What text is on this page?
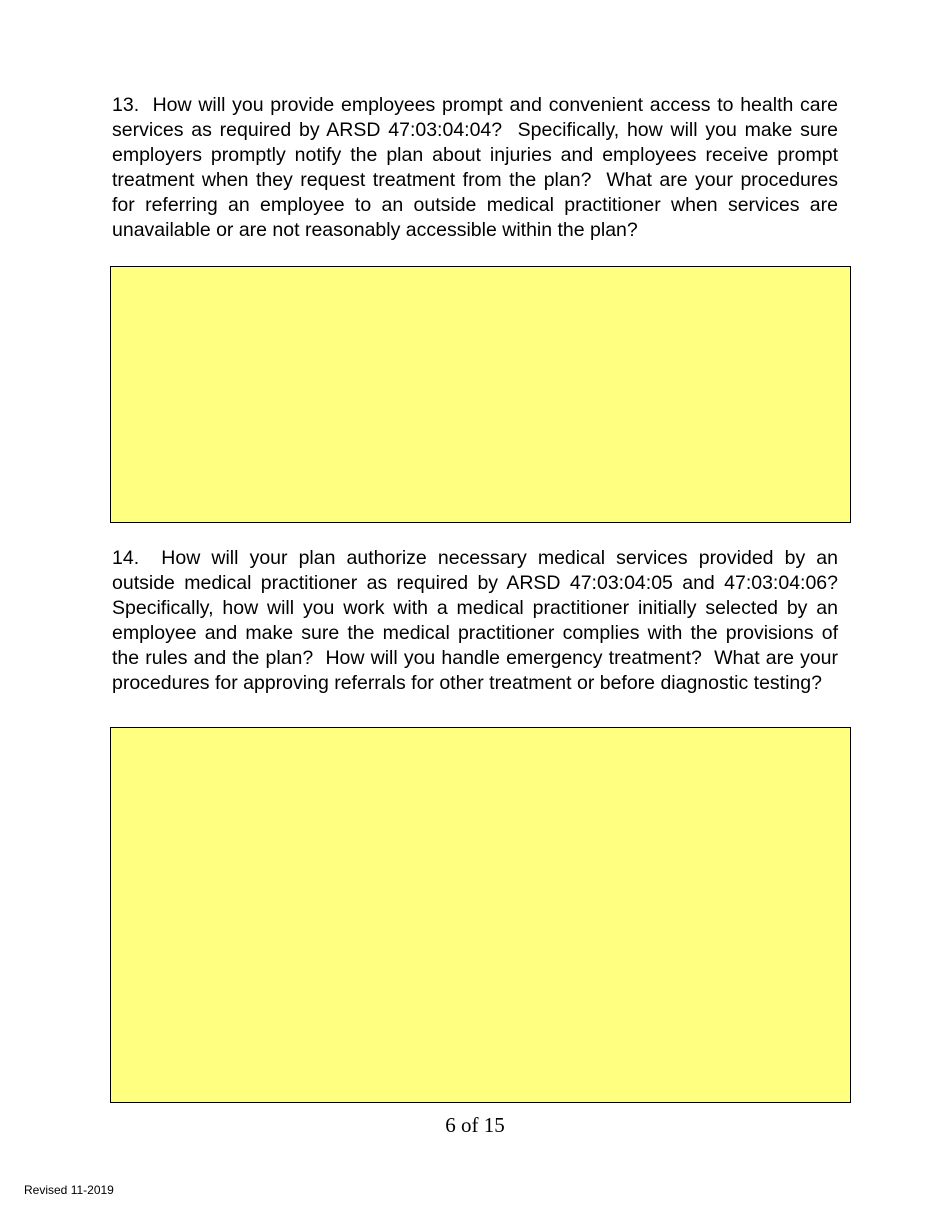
13.  How will you provide employees prompt and convenient access to health care services as required by ARSD 47:03:04:04?  Specifically, how will you make sure employers promptly notify the plan about injuries and employees receive prompt treatment when they request treatment from the plan?  What are your procedures for referring an employee to an outside medical practitioner when services are unavailable or are not reasonably accessible within the plan?

14.  How will your plan authorize necessary medical services provided by an outside medical practitioner as required by ARSD 47:03:04:05 and 47:03:04:06?  Specifically, how will you work with a medical practitioner initially selected by an employee and make sure the medical practitioner complies with the provisions of the rules and the plan?  How will you handle emergency treatment?  What are your procedures for approving referrals for other treatment or before diagnostic testing?

6 of 15
Revised 11-2019
